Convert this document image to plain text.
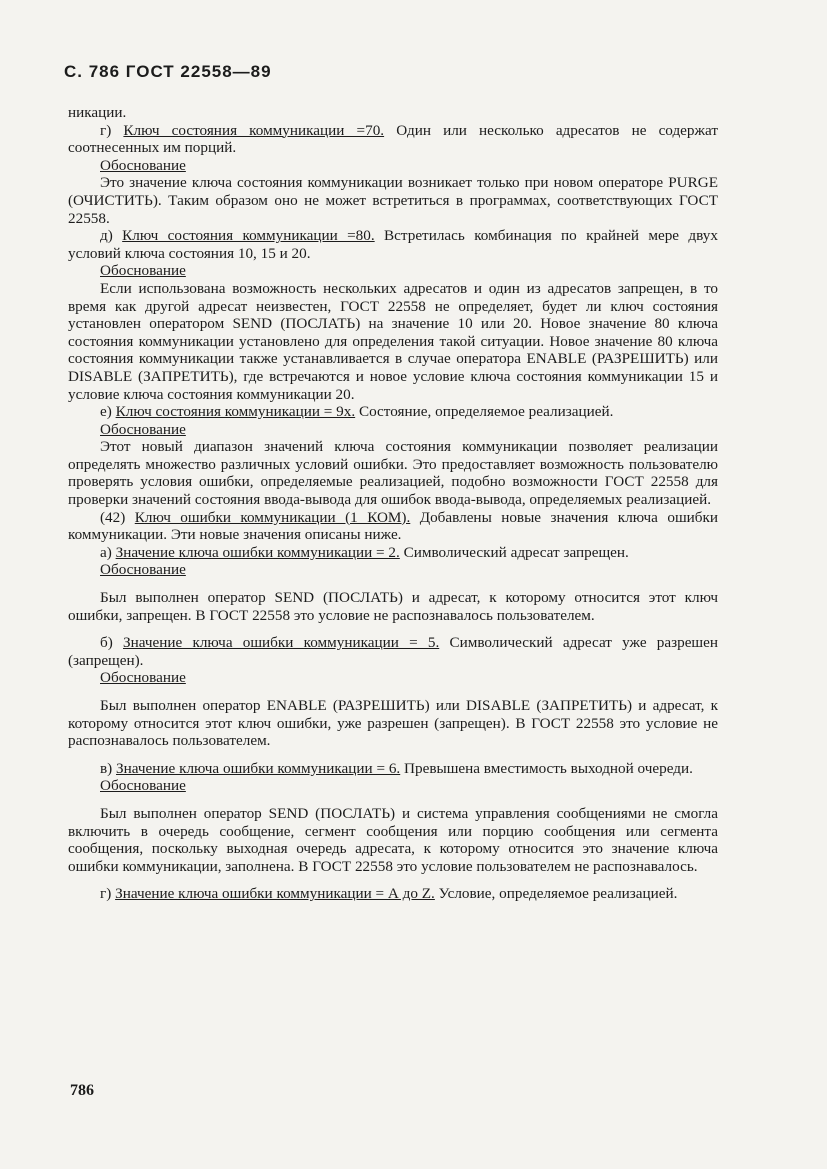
С. 786 ГОСТ 22558—89

никации.

г) Ключ состояния коммуникации =70. Один или несколько адресатов не содержат соотнесенных им порций.

Обоснование

Это значение ключа состояния коммуникации возникает только при новом операторе PURGE (ОЧИСТИТЬ). Таким образом оно не может встретиться в программах, соответствующих ГОСТ 22558.

д) Ключ состояния коммуникации =80. Встретилась комбинация по крайней мере двух условий ключа состояния 10, 15 и 20.

Обоснование

Если использована возможность нескольких адресатов и один из адресатов запрещен, в то время как другой адресат неизвестен, ГОСТ 22558 не определяет, будет ли ключ состояния установлен оператором SEND (ПОСЛАТЬ) на значение 10 или 20. Новое значение 80 ключа состояния коммуникации установлено для определения такой ситуации. Новое значение 80 ключа состояния коммуникации также устанавливается в случае оператора ENABLE (РАЗРЕШИТЬ) или DISABLE (ЗАПРЕТИТЬ), где встречаются и новое условие ключа состояния коммуникации 15 и условие ключа состояния коммуникации 20.

е) Ключ состояния коммуникации = 9х. Состояние, определяемое реализацией.

Обоснование

Этот новый диапазон значений ключа состояния коммуникации позволяет реализации определять множество различных условий ошибки. Это предоставляет возможность пользователю проверять условия ошибки, определяемые реализацией, подобно возможности ГОСТ 22558 для проверки значений состояния ввода-вывода для ошибок ввода-вывода, определяемых реализацией.

(42) Ключ ошибки коммуникации (1 КОМ). Добавлены новые значения ключа ошибки коммуникации. Эти новые значения описаны ниже.

а) Значение ключа ошибки коммуникации = 2. Символический адресат запрещен.

Обоснование

Был выполнен оператор SEND (ПОСЛАТЬ) и адресат, к которому относится этот ключ ошибки, запрещен. В ГОСТ 22558 это условие не распознавалось пользователем.

б) Значение ключа ошибки коммуникации = 5. Символический адресат уже разрешен (запрещен).

Обоснование

Был выполнен оператор ENABLE (РАЗРЕШИТЬ) или DISABLE (ЗАПРЕТИТЬ) и адресат, к которому относится этот ключ ошибки, уже разрешен (запрещен). В ГОСТ 22558 это условие не распознавалось пользователем.

в) Значение ключа ошибки коммуникации = 6. Превышена вместимость выходной очереди.

Обоснование

Был выполнен оператор SEND (ПОСЛАТЬ) и система управления сообщениями не смогла включить в очередь сообщение, сегмент сообщения или порцию сообщения или сегмента сообщения, поскольку выходная очередь адресата, к которому относится это значение ключа ошибки коммуникации, заполнена. В ГОСТ 22558 это условие пользователем не распознавалось.

г) Значение ключа ошибки коммуникации = А до Z. Условие, определяемое реализацией.

786
